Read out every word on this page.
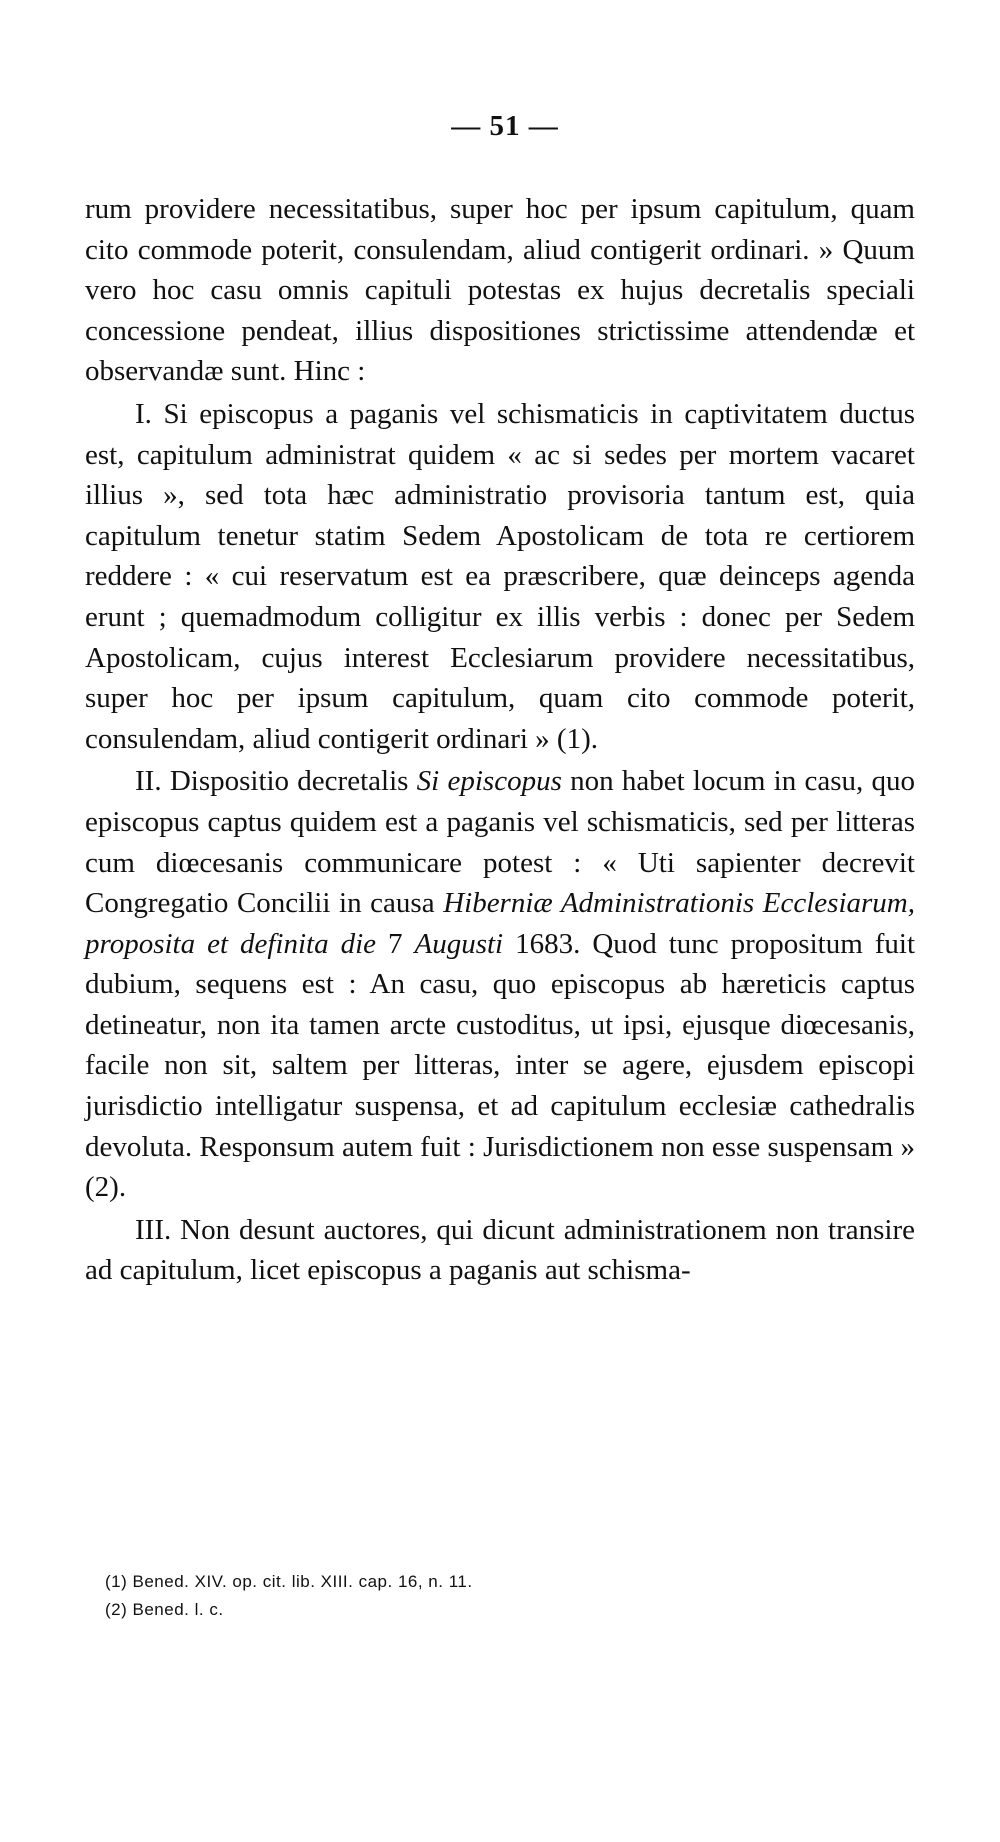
— 51 —

rum providere necessitatibus, super hoc per ipsum capitulum, quam cito commode poterit, consulendam, aliud contigerit ordinari. » Quum vero hoc casu omnis capituli potestas ex hujus decretalis speciali concessione pendeat, illius dispositiones strictissime attendendæ et observandæ sunt. Hinc :

I. Si episcopus a paganis vel schismaticis in captivitatem ductus est, capitulum administrat quidem « ac si sedes per mortem vacaret illius », sed tota hæc administratio provisoria tantum est, quia capitulum tenetur statim Sedem Apostolicam de tota re certiorem reddere : « cui reservatum est ea præscribere, quæ deinceps agenda erunt ; quemadmodum colligitur ex illis verbis : donec per Sedem Apostolicam, cujus interest Ecclesiarum providere necessitatibus, super hoc per ipsum capitulum, quam cito commode poterit, consulendam, aliud contigerit ordinari » (1).

II. Dispositio decretalis Si episcopus non habet locum in casu, quo episcopus captus quidem est a paganis vel schismaticis, sed per litteras cum diœcesanis communicare potest : « Uti sapienter decrevit Congregatio Concilii in causa Hiberniæ Administrationis Ecclesiarum, proposita et definita die 7 Augusti 1683. Quod tunc propositum fuit dubium, sequens est : An casu, quo episcopus ab hæreticis captus detineatur, non ita tamen arcte custoditus, ut ipsi, ejusque diœcesanis, facile non sit, saltem per litteras, inter se agere, ejusdem episcopi jurisdictio intelligatur suspensa, et ad capitulum ecclesiæ cathedralis devoluta. Responsum autem fuit : Jurisdictionem non esse suspensam » (2).

III. Non desunt auctores, qui dicunt administrationem non transire ad capitulum, licet episcopus a paganis aut schisma-

(1) Bened. XIV. op. cit. lib. XIII. cap. 16, n. 11.
(2) Bened. l. c.
